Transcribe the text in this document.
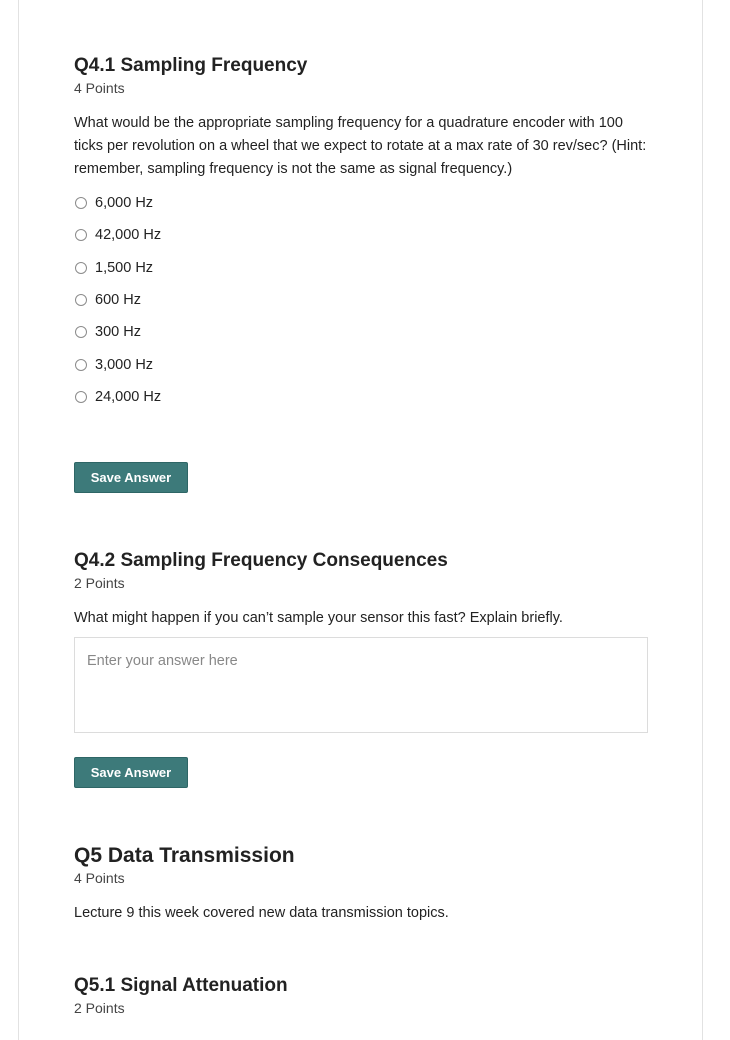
Q4.1 Sampling Frequency
4 Points
What would be the appropriate sampling frequency for a quadrature encoder with 100 ticks per revolution on a wheel that we expect to rotate at a max rate of 30 rev/sec? (Hint: remember, sampling frequency is not the same as signal frequency.)
6,000 Hz
42,000 Hz
1,500 Hz
600 Hz
300 Hz
3,000 Hz
24,000 Hz
Save Answer
Q4.2 Sampling Frequency Consequences
2 Points
What might happen if you can’t sample your sensor this fast? Explain briefly.
Enter your answer here
Save Answer
Q5 Data Transmission
4 Points
Lecture 9 this week covered new data transmission topics.
Q5.1 Signal Attenuation
2 Points
